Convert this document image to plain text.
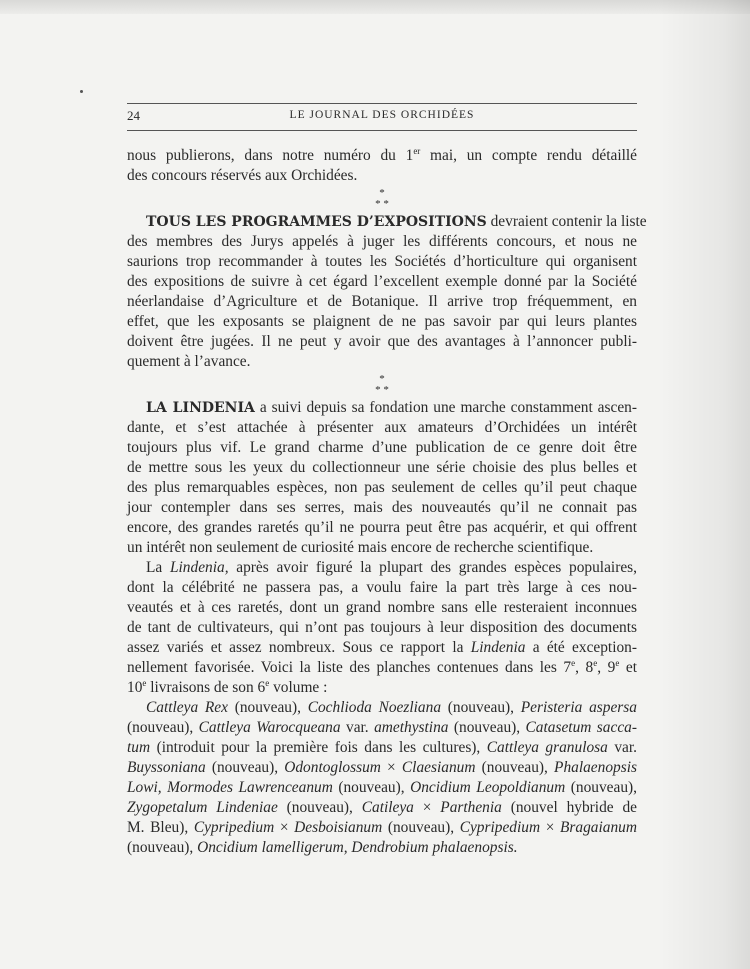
24	LE JOURNAL DES ORCHIDÉES
nous publierons, dans notre numéro du 1er mai, un compte rendu détaillé
des concours réservés aux Orchidées.
*
* *
TOUS LES PROGRAMMES D’EXPOSITIONS devraient contenir la liste
des membres des Jurys appelés à juger les différents concours, et nous ne
saurions trop recommander à toutes les Sociétés d’horticulture qui organisent
des expositions de suivre à cet égard l’excellent exemple donné par la Société
néerlandaise d’Agriculture et de Botanique. Il arrive trop fréquemment, en
effet, que les exposants se plaignent de ne pas savoir par qui leurs plantes
doivent être jugées. Il ne peut y avoir que des avantages à l’annoncer publi-
quement à l’avance.
*
* *
LA LINDENIA a suivi depuis sa fondation une marche constamment ascen-
dante, et s’est attachée à présenter aux amateurs d’Orchidées un intérêt
toujours plus vif. Le grand charme d’une publication de ce genre doit être
de mettre sous les yeux du collectionneur une série choisie des plus belles et
des plus remarquables espèces, non pas seulement de celles qu’il peut chaque
jour contempler dans ses serres, mais des nouveautés qu’il ne connait pas
encore, des grandes raretés qu’il ne pourra peut être pas acquérir, et qui offrent
un intérêt non seulement de curiosité mais encore de recherche scientifique.
La Lindenia, après avoir figuré la plupart des grandes espèces populaires,
dont la célébrité ne passera pas, a voulu faire la part très large à ces nou-
veautés et à ces raretés, dont un grand nombre sans elle resteraient inconnues
de tant de cultivateurs, qui n’ont pas toujours à leur disposition des documents
assez variés et assez nombreux. Sous ce rapport la Lindenia a été exception-
nellement favorisée. Voici la liste des planches contenues dans les 7e, 8e, 9e et
10e livraisons de son 6e volume :
Cattleya Rex (nouveau), Cochlioda Noezliana (nouveau), Peristeria aspersa
(nouveau), Cattleya Warocqueana var. amethystina (nouveau), Catasetum sacca-
tum (introduit pour la première fois dans les cultures), Cattleya granulosa var.
Buyssoniana (nouveau), Odontoglossum × Claesianum (nouveau), Phalaenopsis
Lowi, Mormodes Lawrenceanum (nouveau), Oncidium Leopoldianum (nouveau),
Zygopetalum Lindeniae (nouveau), Catileya × Parthenia (nouvel hybride de
M. Bleu), Cypripedium × Desboisianum (nouveau), Cypripedium × Bragaianum
(nouveau), Oncidium lamelligerum, Dendrobium phalaenopsis.
